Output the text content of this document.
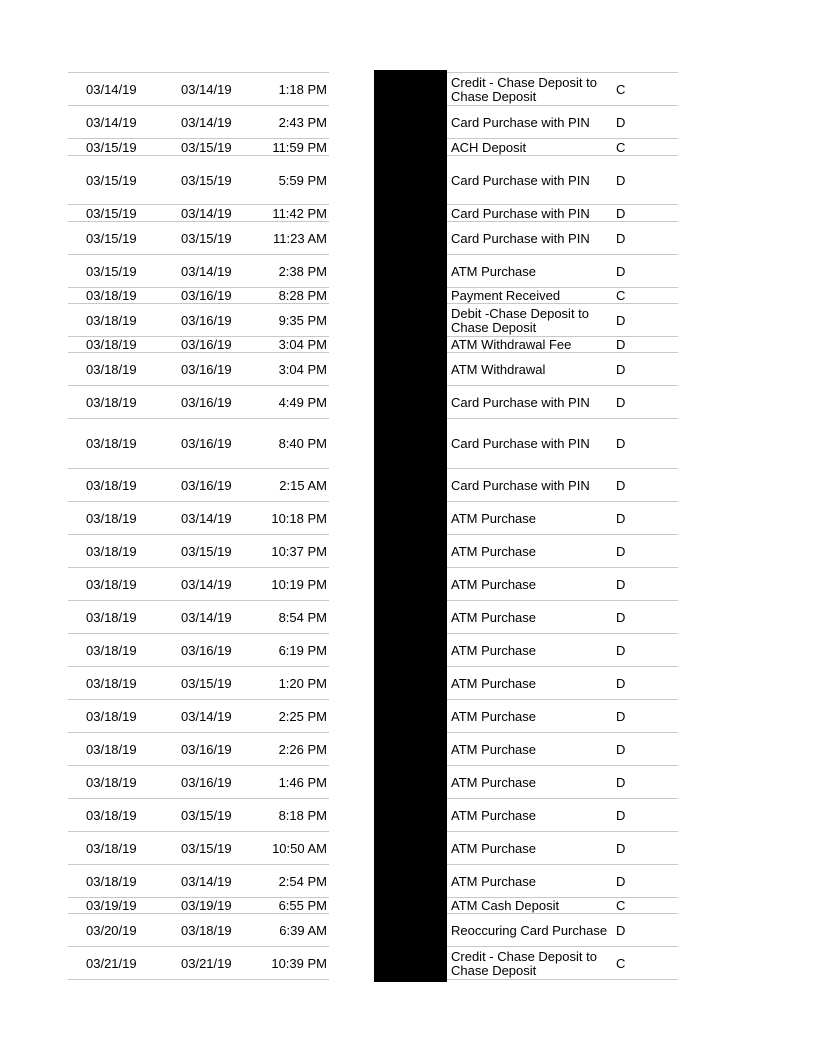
03/14/19	03/14/19	1:18 PM	Credit - Chase Deposit to Chase Deposit	C
03/14/19	03/14/19	2:43 PM	Card Purchase with PIN	D
03/15/19	03/15/19	11:59 PM	ACH Deposit	C
03/15/19	03/15/19	5:59 PM	Card Purchase with PIN	D
03/15/19	03/14/19	11:42 PM	Card Purchase with PIN	D
03/15/19	03/15/19	11:23 AM	Card Purchase with PIN	D
03/15/19	03/14/19	2:38 PM	ATM Purchase	D
03/18/19	03/16/19	8:28 PM	Payment Received	C
03/18/19	03/16/19	9:35 PM	Debit -Chase Deposit to Chase Deposit	D
03/18/19	03/16/19	3:04 PM	ATM Withdrawal Fee	D
03/18/19	03/16/19	3:04 PM	ATM Withdrawal	D
03/18/19	03/16/19	4:49 PM	Card Purchase with PIN	D
03/18/19	03/16/19	8:40 PM	Card Purchase with PIN	D
03/18/19	03/16/19	2:15 AM	Card Purchase with PIN	D
03/18/19	03/14/19	10:18 PM	ATM Purchase	D
03/18/19	03/15/19	10:37 PM	ATM Purchase	D
03/18/19	03/14/19	10:19 PM	ATM Purchase	D
03/18/19	03/14/19	8:54 PM	ATM Purchase	D
03/18/19	03/16/19	6:19 PM	ATM Purchase	D
03/18/19	03/15/19	1:20 PM	ATM Purchase	D
03/18/19	03/14/19	2:25 PM	ATM Purchase	D
03/18/19	03/16/19	2:26 PM	ATM Purchase	D
03/18/19	03/16/19	1:46 PM	ATM Purchase	D
03/18/19	03/15/19	8:18 PM	ATM Purchase	D
03/18/19	03/15/19	10:50 AM	ATM Purchase	D
03/18/19	03/14/19	2:54 PM	ATM Purchase	D
03/19/19	03/19/19	6:55 PM	ATM Cash Deposit	C
03/20/19	03/18/19	6:39 AM	Reoccuring Card Purchase D
03/21/19	03/21/19	10:39 PM	Credit - Chase Deposit to Chase Deposit	C
